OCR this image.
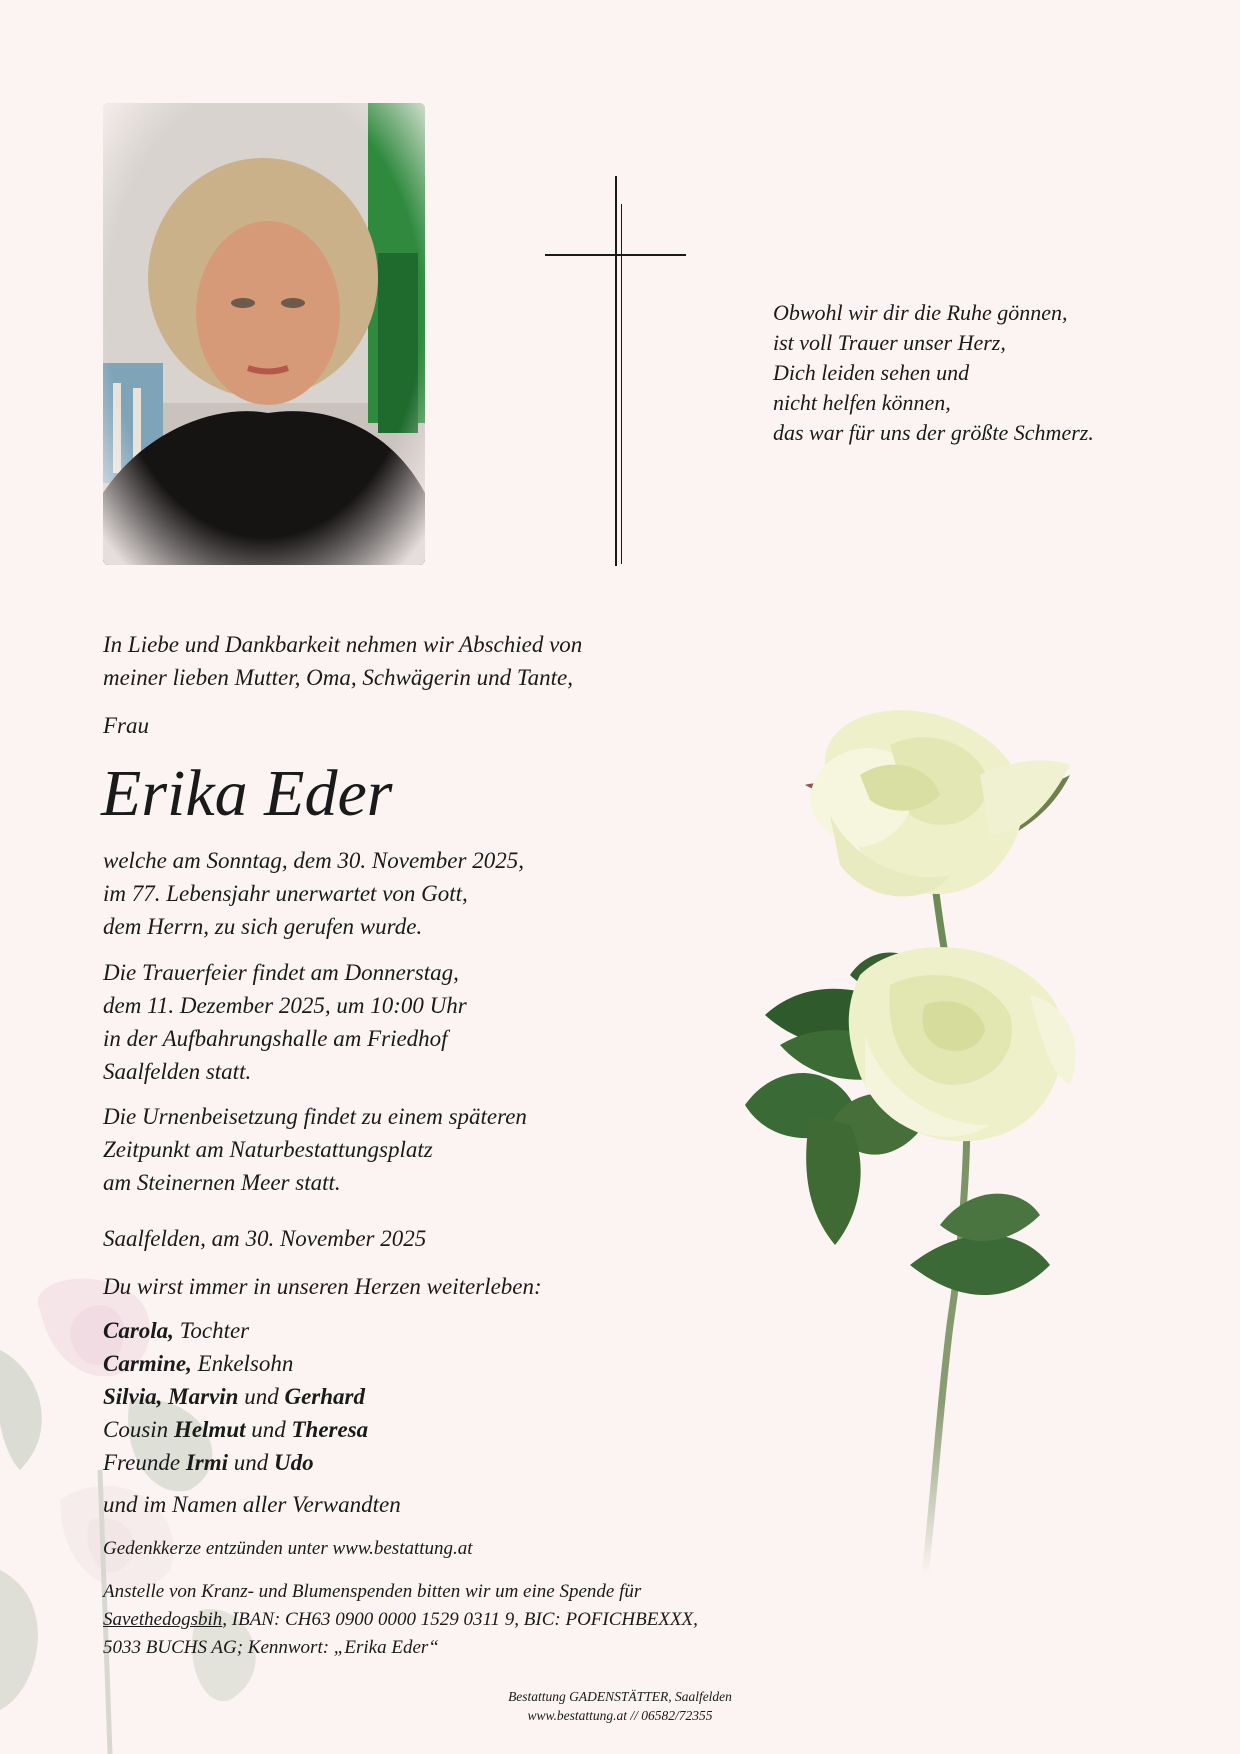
Obwohl wir dir die Ruhe gönnen,
ist voll Trauer unser Herz,
Dich leiden sehen und
nicht helfen können,
das war für uns der größte Schmerz.
In Liebe und Dankbarkeit nehmen wir Abschied von
meiner lieben Mutter, Oma, Schwägerin und Tante,
Frau
Erika Eder
welche am Sonntag, dem 30. November 2025,
im 77. Lebensjahr unerwartet von Gott,
dem Herrn, zu sich gerufen wurde.
Die Trauerfeier findet am Donnerstag,
dem 11. Dezember 2025, um 10:00 Uhr
in der Aufbahrungshalle am Friedhof
Saalfelden statt.
Die Urnenbeisetzung findet zu einem späteren
Zeitpunkt am Naturbestattungsplatz
am Steinernen Meer statt.
Saalfelden, am 30. November 2025
Du wirst immer in unseren Herzen weiterleben:
Carola, Tochter
Carmine, Enkelsohn
Silvia, Marvin und Gerhard
Cousin Helmut und Theresa
Freunde Irmi und Udo
und im Namen aller Verwandten
Gedenkkerze entzünden unter www.bestattung.at
Anstelle von Kranz- und Blumenspenden bitten wir um eine Spende für
Savethedogsbih, IBAN: CH63 0900 0000 1529 0311 9, BIC: POFICHBEXXX,
5033 BUCHS AG; Kennwort: „Erika Eder“
Bestattung GADENSTÄTTER, Saalfelden
www.bestattung.at // 06582/72355
